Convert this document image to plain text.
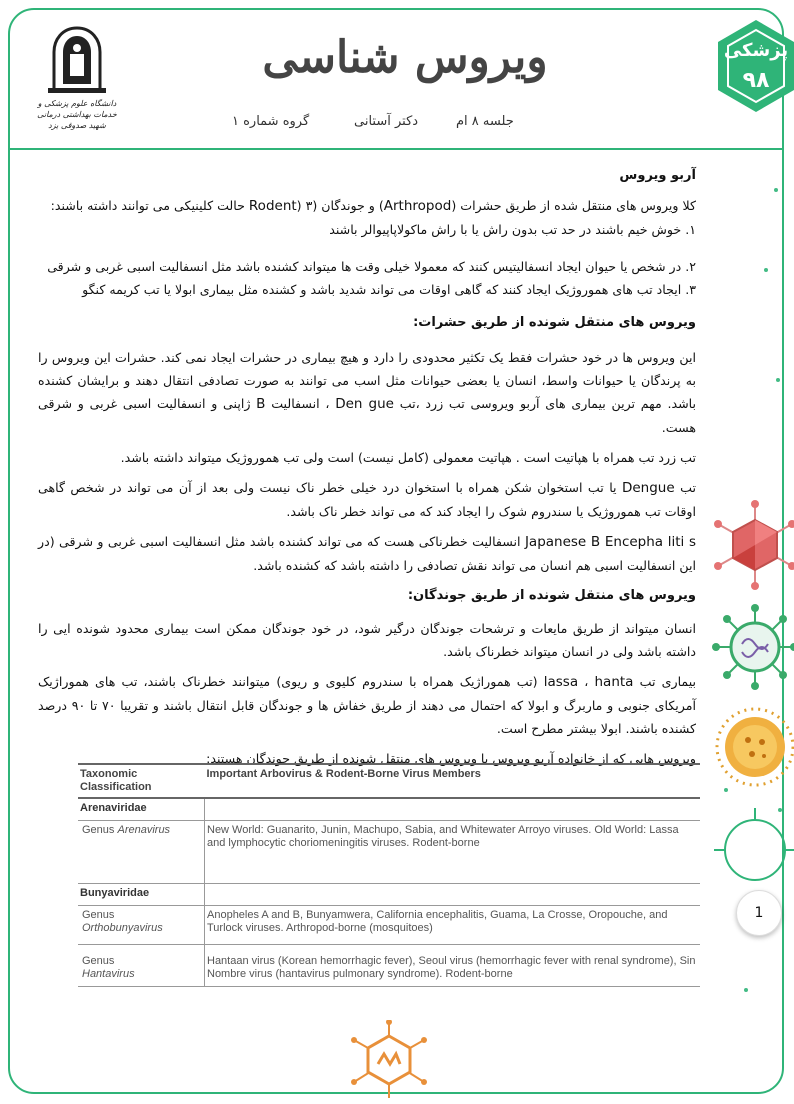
دانشگاه علوم پزشکی و خدمات بهداشتی درمانی
شهید صدوقی یزد
ویروس شناسی
جلسه ۸ ام
دکتر آستانی
گروه شماره ۱
پزشکی
۹۸
آربو ویروس

کلا ویروس های منتقل شده از طریق حشرات (Arthropod) و جوندگان (Rodent) ۳ حالت کلینیکی می توانند داشته باشند:

۱. خوش خیم باشند در حد تب بدون راش یا با راش ماکولاپاپیوالر باشند

۲. در شخص یا حیوان ایجاد انسفالیتیس کنند که معمولا خیلی وقت ها میتواند کشنده باشد مثل انسفالیت اسبی غربی و شرقی

۳. ایجاد تب های هموروژیک ایجاد کنند که گاهی اوقات می تواند شدید باشد و کشنده مثل بیماری ابولا یا تب کریمه کنگو

ویروس های منتقل شونده از طریق حشرات:

این ویروس ها در خود حشرات فقط یک تکثیر محدودی را دارد و هیچ بیماری در حشرات ایجاد نمی کند. حشرات این ویروس را به پرندگان یا حیوانات واسط، انسان یا بعضی حیوانات مثل اسب می توانند به صورت تصادفی انتقال دهند و برایشان کشنده باشد. مهم ترین بیماری های آربو ویروسی تب زرد ،تب Den gue ، انسفالیت B ژاپنی و انسفالیت اسبی غربی و شرقی هست.

تب زرد تب همراه با هپاتیت است . هپاتیت معمولی (کامل نیست) است ولی تب هموروژیک میتواند داشته باشد.

تب Dengue یا تب استخوان شکن همراه با استخوان درد خیلی خطر ناک نیست ولی بعد از آن می تواند در شخص گاهی اوقات تب هموروژیک یا سندروم شوک را ایجاد کند که می تواند خطر ناک باشد.

Japanese B Encepha liti s انسفالیت خطرناکی هست که می تواند کشنده باشد مثل انسفالیت اسبی غربی و شرقی (در این انسفالیت اسبی هم انسان می تواند نقش تصادفی را داشته باشد که کشنده باشد.

ویروس های منتقل شونده از طریق جوندگان:

انسان میتواند از طریق مایعات و ترشحات جوندگان درگیر شود، در خود جوندگان ممکن است بیماری محدود شونده ایی را داشته باشد ولی در انسان میتواند خطرناک باشد.

بیماری تب lassa ، hanta (تب هموراژیک همراه با سندروم کلیوی و ریوی) میتوانند خطرناک باشند، تب های هموراژیک آمریکای جنوبی و ماربرگ و ابولا که احتمال می دهند از طریق خفاش ها و جوندگان قابل انتقال باشند و تقریبا ۷۰ تا ۹۰ درصد کشنده باشند. ابولا بیشتر مطرح است.

ویروس هایی که از خانواده آربو ویروس یا ویروس های منتقل شونده از طریق جوندگان هستند:

Taxonomic Classification	Important Arbovirus & Rodent-Borne Virus Members
Arenaviridae	
Genus Arenavirus	New World: Guanarito, Junin, Machupo, Sabia, and Whitewater Arroyo viruses. Old World: Lassa and lymphocytic choriomeningitis viruses. Rodent-borne
Bunyaviridae	
Genus
Orthobunyavirus	Anopheles A and B, Bunyamwera, California encephalitis, Guama, La Crosse, Oropouche, and Turlock viruses. Arthropod-borne (mosquitoes)
Genus
Hantavirus	Hantaan virus (Korean hemorrhagic fever), Seoul virus (hemorrhagic fever with renal syndrome), Sin Nombre virus (hantavirus pulmonary syndrome). Rodent-borne
1
